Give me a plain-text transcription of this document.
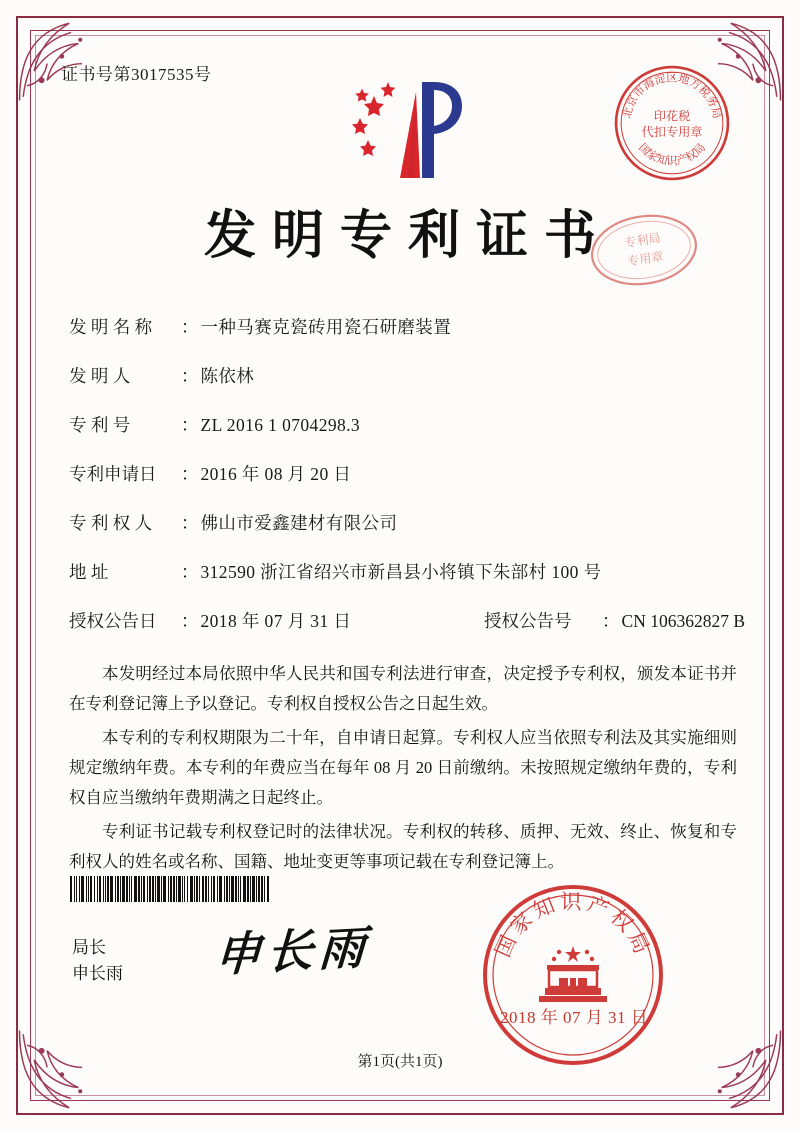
北京市海淀区地方税务局
国家知识产权局
印花税
代扣专用章
专利局
专用章
国家知识产权局
2018 年 07 月 31 日
证书号第3017535号
发明专利证书
发 明 名 称	： 一种马赛克瓷砖用瓷石研磨装置
发 明 人	： 陈依林
专 利 号	： ZL 2016 1 0704298.3
专利申请日	： 2016 年 08 月 20 日
专 利 权 人	： 佛山市爱鑫建材有限公司
地 址	： 312590 浙江省绍兴市新昌县小将镇下朱部村 100 号
授权公告日	： 2018 年 07 月 31 日	授权公告号	： CN 106362827 B

本发明经过本局依照中华人民共和国专利法进行审查，决定授予专利权，颁发本证书并在专利登记簿上予以登记。专利权自授权公告之日起生效。

本专利的专利权期限为二十年，自申请日起算。专利权人应当依照专利法及其实施细则规定缴纳年费。本专利的年费应当在每年 08 月 20 日前缴纳。未按照规定缴纳年费的，专利权自应当缴纳年费期满之日起终止。

专利证书记载专利权登记时的法律状况。专利权的转移、质押、无效、终止、恢复和专利权人的姓名或名称、国籍、地址变更等事项记载在专利登记簿上。

申长雨
局长
申长雨
第1页(共1页)
